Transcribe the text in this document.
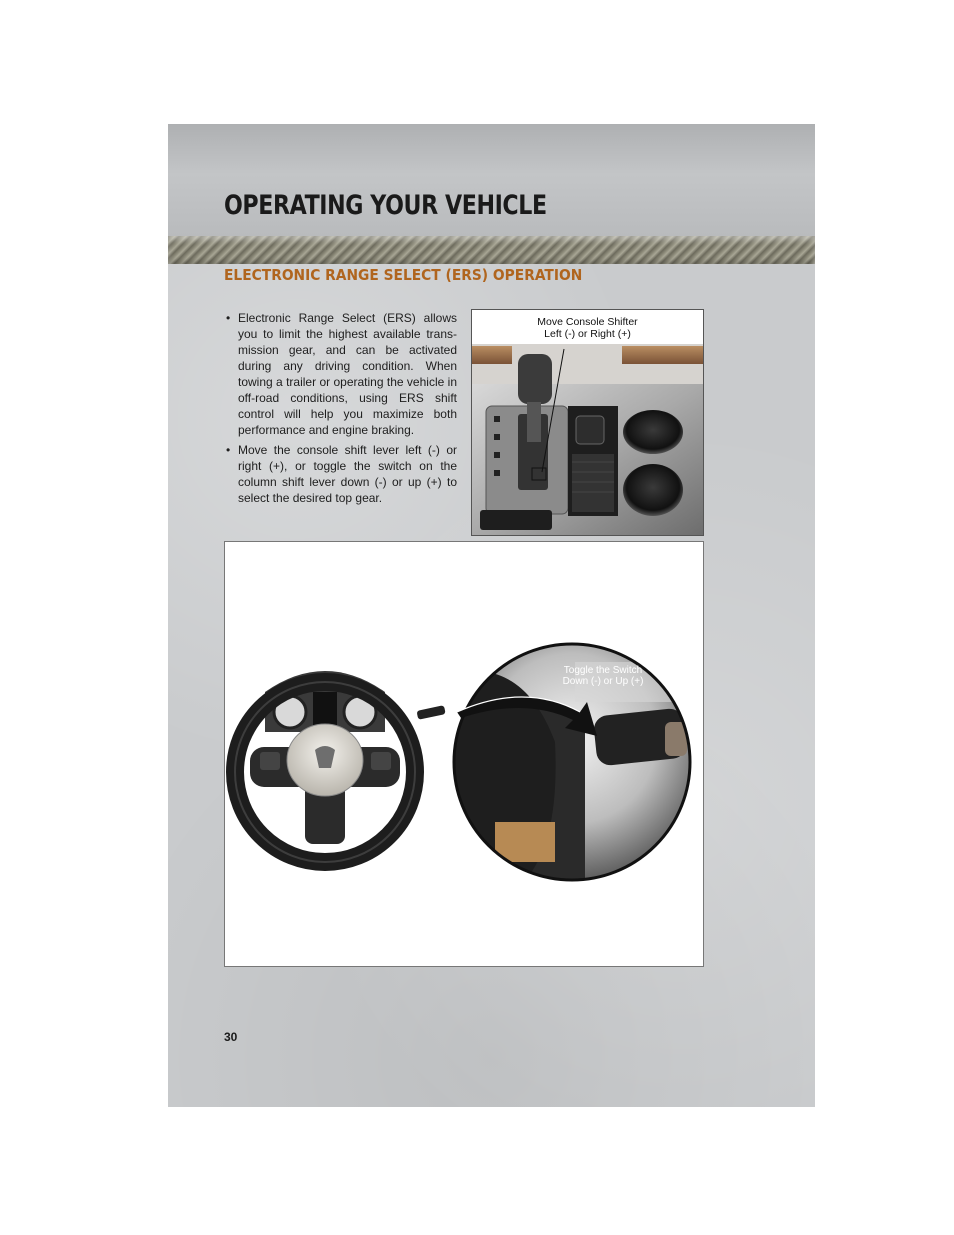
OPERATING YOUR VEHICLE
ELECTRONIC RANGE SELECT (ERS) OPERATION
• Electronic Range Select (ERS) allows you to limit the highest available trans-mission gear, and can be activated during any driving condition. When towing a trailer or operating the vehicle in off-road conditions, using ERS shift control will help you maximize both performance and engine braking.
• Move the console shift lever left (-) or right (+), or toggle the switch on the column shift lever down (-) or up (+) to select the desired top gear.
Move Console Shifter
Left (-) or Right (+)
Toggle the Switch
Down (-) or Up (+)
30
